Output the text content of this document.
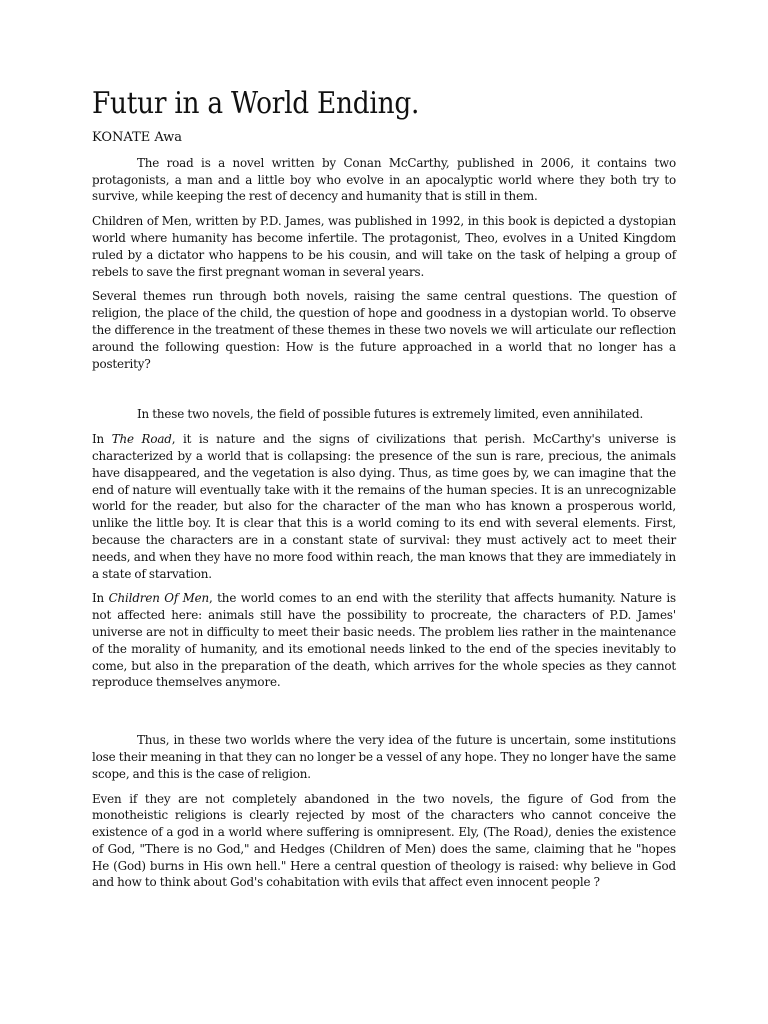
Futur in a World Ending.

KONATE Awa

The road is a novel written by Conan McCarthy, published in 2006, it contains two protagonists, a man and a little boy who evolve in an apocalyptic world where they both try to survive, while keeping the rest of decency and humanity that is still in them.

Children of Men, written by P.D. James, was published in 1992, in this book is depicted a dystopian world where humanity has become infertile. The protagonist, Theo, evolves in a United Kingdom ruled by a dictator who happens to be his cousin, and will take on the task of helping a group of rebels to save the first pregnant woman in several years.

Several themes run through both novels, raising the same central questions. The question of religion, the place of the child, the question of hope and goodness in a dystopian world. To observe the difference in the treatment of these themes in these two novels we will articulate our reflection around the following question: How is the future approached in a world that no longer has a posterity?

In these two novels, the field of possible futures is extremely limited, even annihilated.

In The Road, it is nature and the signs of civilizations that perish. McCarthy's universe is characterized by a world that is collapsing: the presence of the sun is rare, precious, the animals have disappeared, and the vegetation is also dying. Thus, as time goes by, we can imagine that the end of nature will eventually take with it the remains of the human species. It is an unrecognizable world for the reader, but also for the character of the man who has known a prosperous world, unlike the little boy. It is clear that this is a world coming to its end with several elements. First, because the characters are in a constant state of survival: they must actively act to meet their needs, and when they have no more food within reach, the man knows that they are immediately in a state of starvation.

In Children Of Men, the world comes to an end with the sterility that affects humanity. Nature is not affected here: animals still have the possibility to procreate, the characters of P.D. James' universe are not in difficulty to meet their basic needs. The problem lies rather in the maintenance of the morality of humanity, and its emotional needs linked to the end of the species inevitably to come, but also in the preparation of the death, which arrives for the whole species as they cannot reproduce themselves anymore.

Thus, in these two worlds where the very idea of the future is uncertain, some institutions lose their meaning in that they can no longer be a vessel of any hope. They no longer have the same scope, and this is the case of religion.

Even if they are not completely abandoned in the two novels, the figure of God from the monotheistic religions is clearly rejected by most of the characters who cannot conceive the existence of a god in a world where suffering is omnipresent. Ely, (The Road), denies the existence of God, "There is no God," and Hedges (Children of Men) does the same, claiming that he "hopes He (God) burns in His own hell." Here a central question of theology is raised: why believe in God and how to think about God's cohabitation with evils that affect even innocent people ?
